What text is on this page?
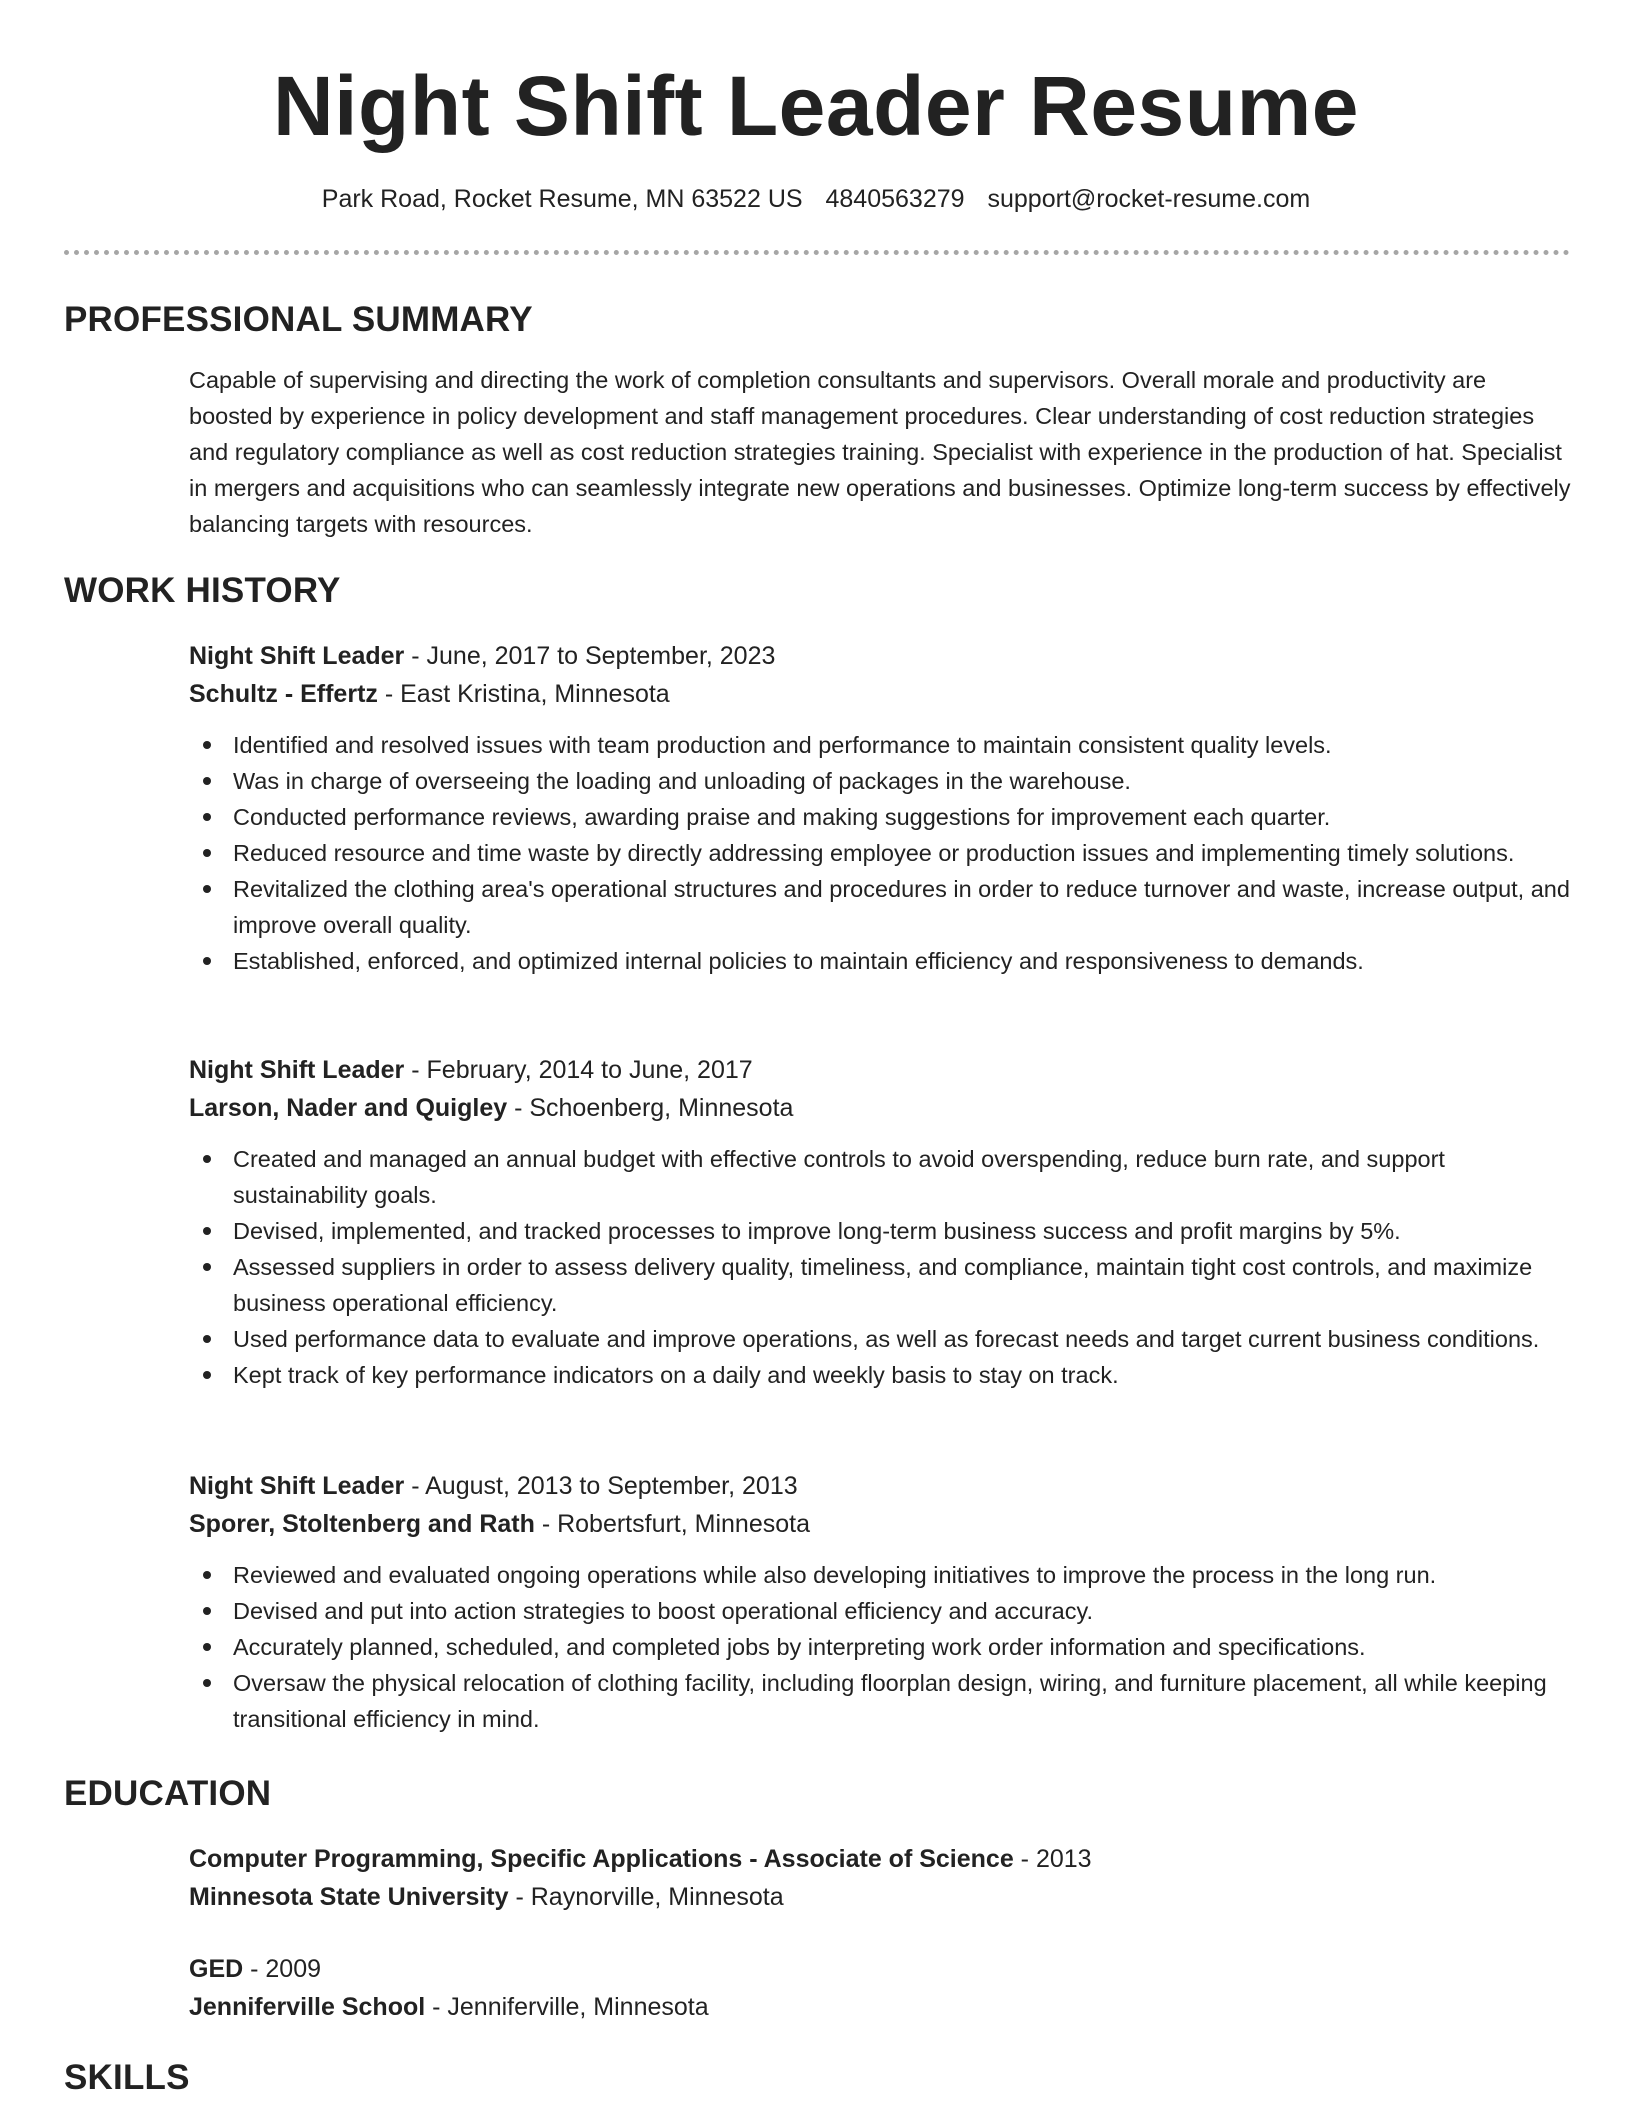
Night Shift Leader Resume
Park Road, Rocket Resume, MN 63522 US 4840563279 support@rocket-resume.com
PROFESSIONAL SUMMARY

Capable of supervising and directing the work of completion consultants and supervisors. Overall morale and productivity are boosted by experience in policy development and staff management procedures. Clear understanding of cost reduction strategies and regulatory compliance as well as cost reduction strategies training. Specialist with experience in the production of hat. Specialist in mergers and acquisitions who can seamlessly integrate new operations and businesses. Optimize long-term success by effectively balancing targets with resources.

WORK HISTORY
Night Shift Leader - June, 2017 to September, 2023
Schultz - Effertz - East Kristina, Minnesota
Identified and resolved issues with team production and performance to maintain consistent quality levels.
Was in charge of overseeing the loading and unloading of packages in the warehouse.
Conducted performance reviews, awarding praise and making suggestions for improvement each quarter.
Reduced resource and time waste by directly addressing employee or production issues and implementing timely solutions.
Revitalized the clothing area's operational structures and procedures in order to reduce turnover and waste, increase output, and improve overall quality.
Established, enforced, and optimized internal policies to maintain efficiency and responsiveness to demands.
Night Shift Leader - February, 2014 to June, 2017
Larson, Nader and Quigley - Schoenberg, Minnesota
Created and managed an annual budget with effective controls to avoid overspending, reduce burn rate, and support sustainability goals.
Devised, implemented, and tracked processes to improve long-term business success and profit margins by 5%.
Assessed suppliers in order to assess delivery quality, timeliness, and compliance, maintain tight cost controls, and maximize business operational efficiency.
Used performance data to evaluate and improve operations, as well as forecast needs and target current business conditions.
Kept track of key performance indicators on a daily and weekly basis to stay on track.
Night Shift Leader - August, 2013 to September, 2013
Sporer, Stoltenberg and Rath - Robertsfurt, Minnesota
Reviewed and evaluated ongoing operations while also developing initiatives to improve the process in the long run.
Devised and put into action strategies to boost operational efficiency and accuracy.
Accurately planned, scheduled, and completed jobs by interpreting work order information and specifications.
Oversaw the physical relocation of clothing facility, including floorplan design, wiring, and furniture placement, all while keeping transitional efficiency in mind.
EDUCATION
Computer Programming, Specific Applications - Associate of Science - 2013
Minnesota State University - Raynorville, Minnesota
GED - 2009
Jenniferville School - Jenniferville, Minnesota
SKILLS
